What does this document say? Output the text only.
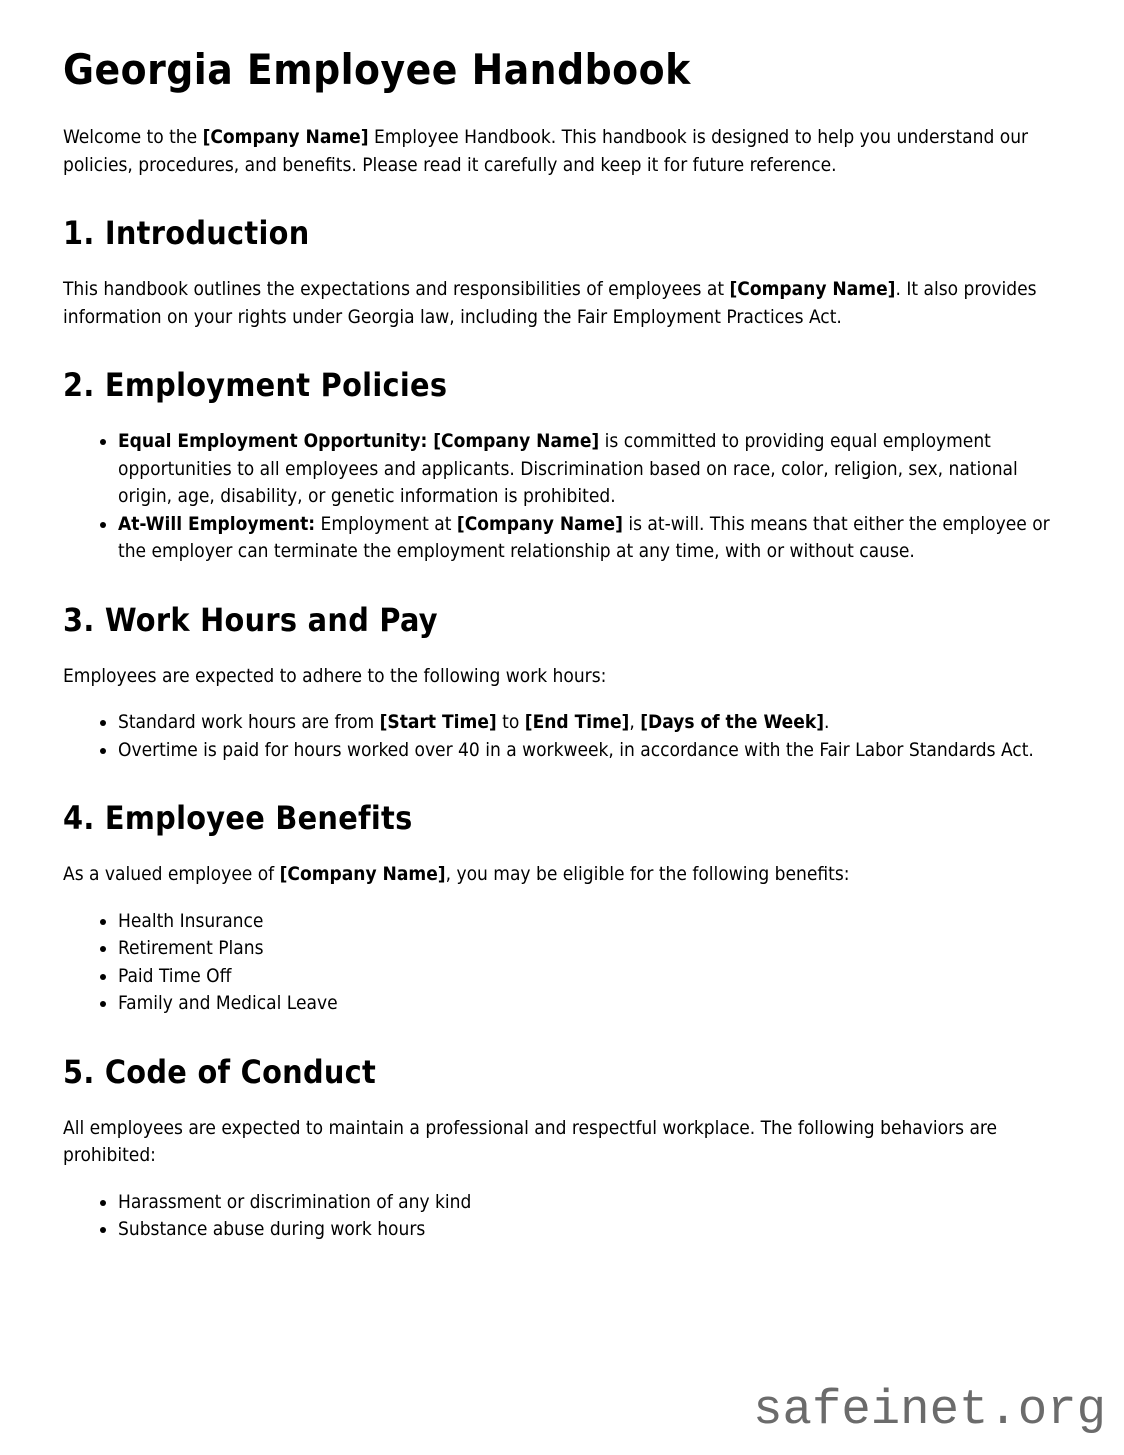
Georgia Employee Handbook

Welcome to the [Company Name] Employee Handbook. This handbook is designed to help you understand our policies, procedures, and benefits. Please read it carefully and keep it for future reference.

1. Introduction

This handbook outlines the expectations and responsibilities of employees at [Company Name]. It also provides information on your rights under Georgia law, including the Fair Employment Practices Act.

2. Employment Policies
• Equal Employment Opportunity: [Company Name] is committed to providing equal employment opportunities to all employees and applicants. Discrimination based on race, color, religion, sex, national origin, age, disability, or genetic information is prohibited.
• At-Will Employment: Employment at [Company Name] is at-will. This means that either the employee or the employer can terminate the employment relationship at any time, with or without cause.
3. Work Hours and Pay

Employees are expected to adhere to the following work hours:

• Standard work hours are from [Start Time] to [End Time], [Days of the Week].
• Overtime is paid for hours worked over 40 in a workweek, in accordance with the Fair Labor Standards Act.
4. Employee Benefits

As a valued employee of [Company Name], you may be eligible for the following benefits:

• Health Insurance
• Retirement Plans
• Paid Time Off
• Family and Medical Leave
5. Code of Conduct

All employees are expected to maintain a professional and respectful workplace. The following behaviors are prohibited:

• Harassment or discrimination of any kind
• Substance abuse during work hours
safeinet.org
